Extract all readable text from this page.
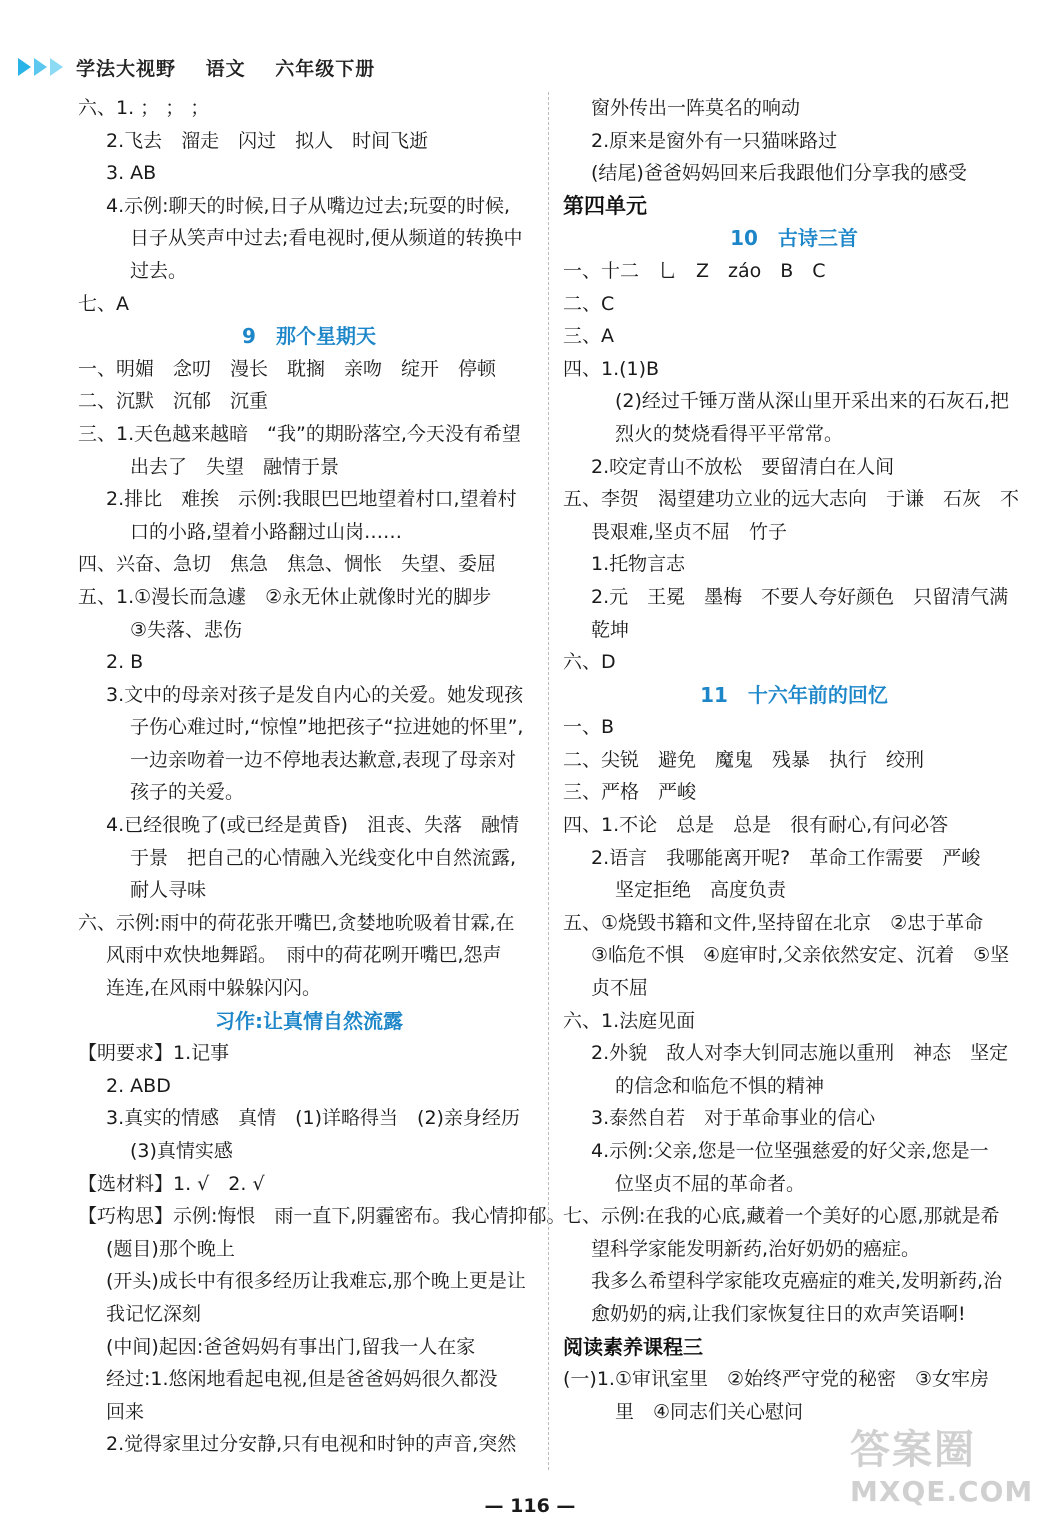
学法大视野 语文 六年级下册
六、1. ； ； ；
2.飞去　溜走　闪过　拟人　时间飞逝
3. AB
4.示例:聊天的时候,日子从嘴边过去;玩耍的时候,
日子从笑声中过去;看电视时,便从频道的转换中
过去。
七、A
9　那个星期天
一、明媚　念叨　漫长　耽搁　亲吻　绽开　停顿
二、沉默　沉郁　沉重
三、1.天色越来越暗　“我”的期盼落空,今天没有希望
出去了　失望　融情于景
2.排比　难挨　示例:我眼巴巴地望着村口,望着村
口的小路,望着小路翻过山岗……
四、兴奋、急切　焦急　焦急、惆怅　失望、委屈
五、1.①漫长而急遽　②永无休止就像时光的脚步
③失落、悲伤
2. B
3.文中的母亲对孩子是发自内心的关爱。她发现孩
子伤心难过时,“惊惶”地把孩子“拉进她的怀里”,
一边亲吻着一边不停地表达歉意,表现了母亲对
孩子的关爱。
4.已经很晚了(或已经是黄昏)　沮丧、失落　融情
于景　把自己的心情融入光线变化中自然流露,
耐人寻味
六、示例:雨中的荷花张开嘴巴,贪婪地吮吸着甘霖,在
风雨中欢快地舞蹈。　雨中的荷花咧开嘴巴,怨声
连连,在风雨中躲躲闪闪。
习作:让真情自然流露
【明要求】1.记事
2. ABD
3.真实的情感　真情　(1)详略得当　(2)亲身经历
(3)真情实感
【选材料】1. √　2. √
【巧构思】示例:悔恨　雨一直下,阴霾密布。我心情抑郁。
(题目)那个晚上
(开头)成长中有很多经历让我难忘,那个晚上更是让
我记忆深刻
(中间)起因:爸爸妈妈有事出门,留我一人在家
经过:1.悠闲地看起电视,但是爸爸妈妈很久都没
回来
2.觉得家里过分安静,只有电视和时钟的声音,突然
窗外传出一阵莫名的响动
2.原来是窗外有一只猫咪路过
(结尾)爸爸妈妈回来后我跟他们分享我的感受
第四单元
10　古诗三首
一、十二　乚　Z　záo　B　C
二、C
三、A
四、1.(1)B
(2)经过千锤万凿从深山里开采出来的石灰石,把
烈火的焚烧看得平平常常。
2.咬定青山不放松　要留清白在人间
五、李贺　渴望建功立业的远大志向　于谦　石灰　不
畏艰难,坚贞不屈　竹子
1.托物言志
2.元　王冕　墨梅　不要人夸好颜色　只留清气满
乾坤
六、D
11　十六年前的回忆
一、B
二、尖锐　避免　魔鬼　残暴　执行　绞刑
三、严格　严峻
四、1.不论　总是　总是　很有耐心,有问必答
2.语言　我哪能离开呢?　革命工作需要　严峻
坚定拒绝　高度负责
五、①烧毁书籍和文件,坚持留在北京　②忠于革命
③临危不惧　④庭审时,父亲依然安定、沉着　⑤坚
贞不屈
六、1.法庭见面
2.外貌　敌人对李大钊同志施以重刑　神态　坚定
的信念和临危不惧的精神
3.泰然自若　对于革命事业的信心
4.示例:父亲,您是一位坚强慈爱的好父亲,您是一
位坚贞不屈的革命者。
七、示例:在我的心底,藏着一个美好的心愿,那就是希
望科学家能发明新药,治好奶奶的癌症。
我多么希望科学家能攻克癌症的难关,发明新药,治
愈奶奶的病,让我们家恢复往日的欢声笑语啊!
阅读素养课程三
(一)1.①审讯室里　②始终严守党的秘密　③女牢房
里　④同志们关心慰问
— 116 —
答案圈
MXQE.COM
